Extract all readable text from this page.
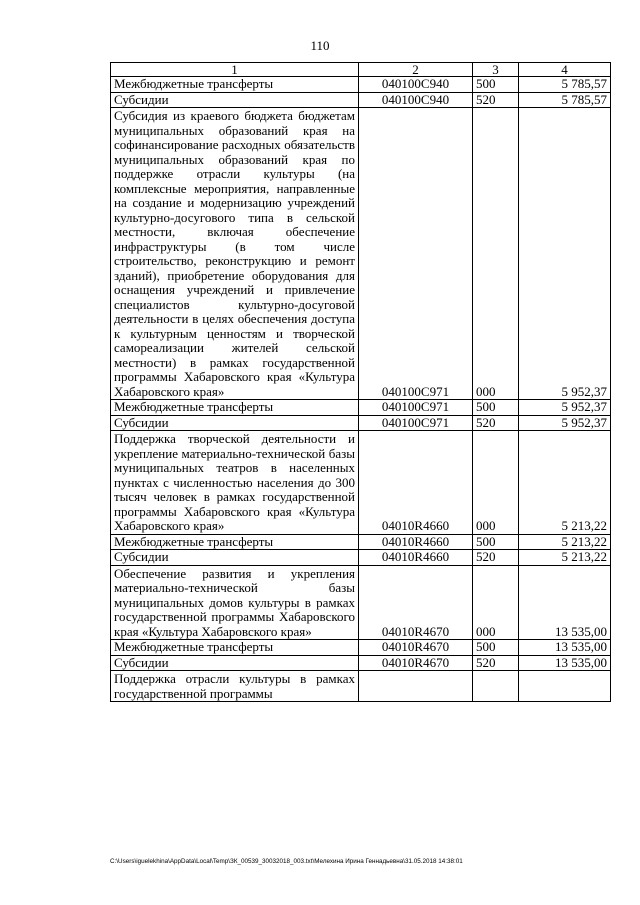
110
1	2	3	4
Межбюджетные трансферты	040100С940	500	5 785,57
Субсидии	040100С940	520	5 785,57
Субсидия из краевого бюджета бюджетам муниципальных образований края на софинансирование расходных обязательств муниципальных образований края по поддержке отрасли культуры (на комплексные мероприятия, направленные на создание и модернизацию учреждений культурно-досугового типа в сельской местности, включая обеспечение инфраструктуры (в том числе строительство, реконструкцию и ремонт зданий), приобретение оборудования для оснащения учреждений и привлечение специалистов культурно-досуговой деятельности в целях обеспечения доступа к культурным ценностям и творческой самореализации жителей сельской местности) в рамках государственной программы Хабаровского края «Культура Хабаровского края»	040100С971	000	5 952,37
Межбюджетные трансферты	040100С971	500	5 952,37
Субсидии	040100С971	520	5 952,37
Поддержка творческой деятельности и укрепление материально-технической базы муниципальных театров в населенных пунктах с численностью населения до 300 тысяч человек в рамках государственной программы Хабаровского края «Культура Хабаровского края»	04010R4660	000	5 213,22
Межбюджетные трансферты	04010R4660	500	5 213,22
Субсидии	04010R4660	520	5 213,22
Обеспечение развития и укрепления материально-технической базы муниципальных домов культуры в рамках государственной программы Хабаровского края «Культура Хабаровского края»	04010R4670	000	13 535,00
Межбюджетные трансферты	04010R4670	500	13 535,00
Субсидии	04010R4670	520	13 535,00
Поддержка отрасли культуры в рамках государственной программы			
C:\Users\iguelekhina\AppData\Local\Temp\ЗК_00539_30032018_003.txt\Мелехина Ирина Геннадьевна\31.05.2018 14:38:01
